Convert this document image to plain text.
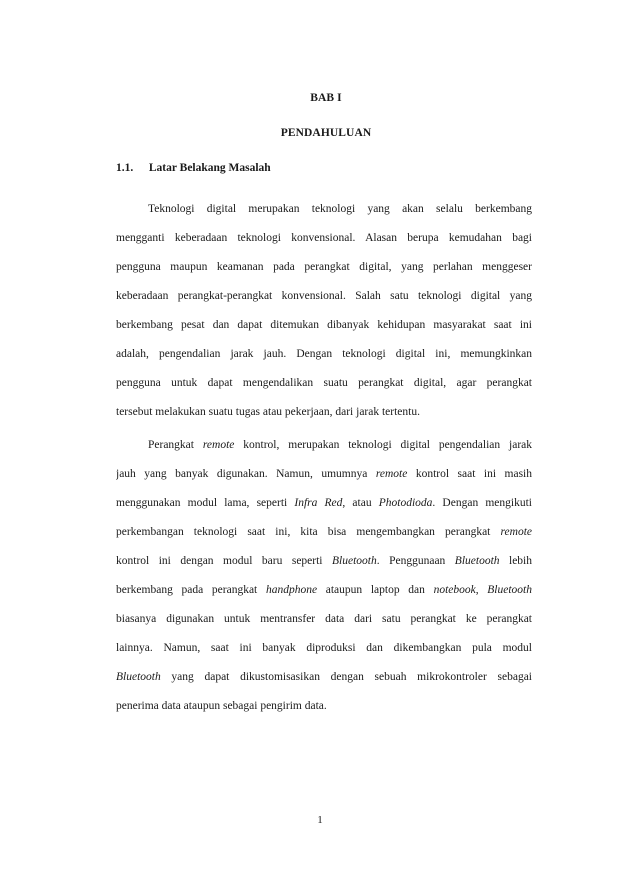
BAB I
PENDAHULUAN
1.1. Latar Belakang Masalah
Teknologi digital merupakan teknologi yang akan selalu berkembang
mengganti keberadaan teknologi konvensional. Alasan berupa kemudahan bagi
pengguna maupun keamanan pada perangkat digital, yang perlahan menggeser
keberadaan perangkat-perangkat konvensional. Salah satu teknologi digital yang
berkembang pesat dan dapat ditemukan dibanyak kehidupan masyarakat saat ini
adalah, pengendalian jarak jauh. Dengan teknologi digital ini, memungkinkan
pengguna untuk dapat mengendalikan suatu perangkat digital, agar perangkat
tersebut melakukan suatu tugas atau pekerjaan, dari jarak tertentu.
Perangkat remote kontrol, merupakan teknologi digital pengendalian jarak
jauh yang banyak digunakan. Namun, umumnya remote kontrol saat ini masih
menggunakan modul lama, seperti Infra Red, atau Photodioda. Dengan mengikuti
perkembangan teknologi saat ini, kita bisa mengembangkan perangkat remote
kontrol ini dengan modul baru seperti Bluetooth. Penggunaan Bluetooth lebih
berkembang pada perangkat handphone ataupun laptop dan notebook, Bluetooth
biasanya digunakan untuk mentransfer data dari satu perangkat ke perangkat
lainnya. Namun, saat ini banyak diproduksi dan dikembangkan pula modul
Bluetooth yang dapat dikustomisasikan dengan sebuah mikrokontroler sebagai
penerima data ataupun sebagai pengirim data.
1
